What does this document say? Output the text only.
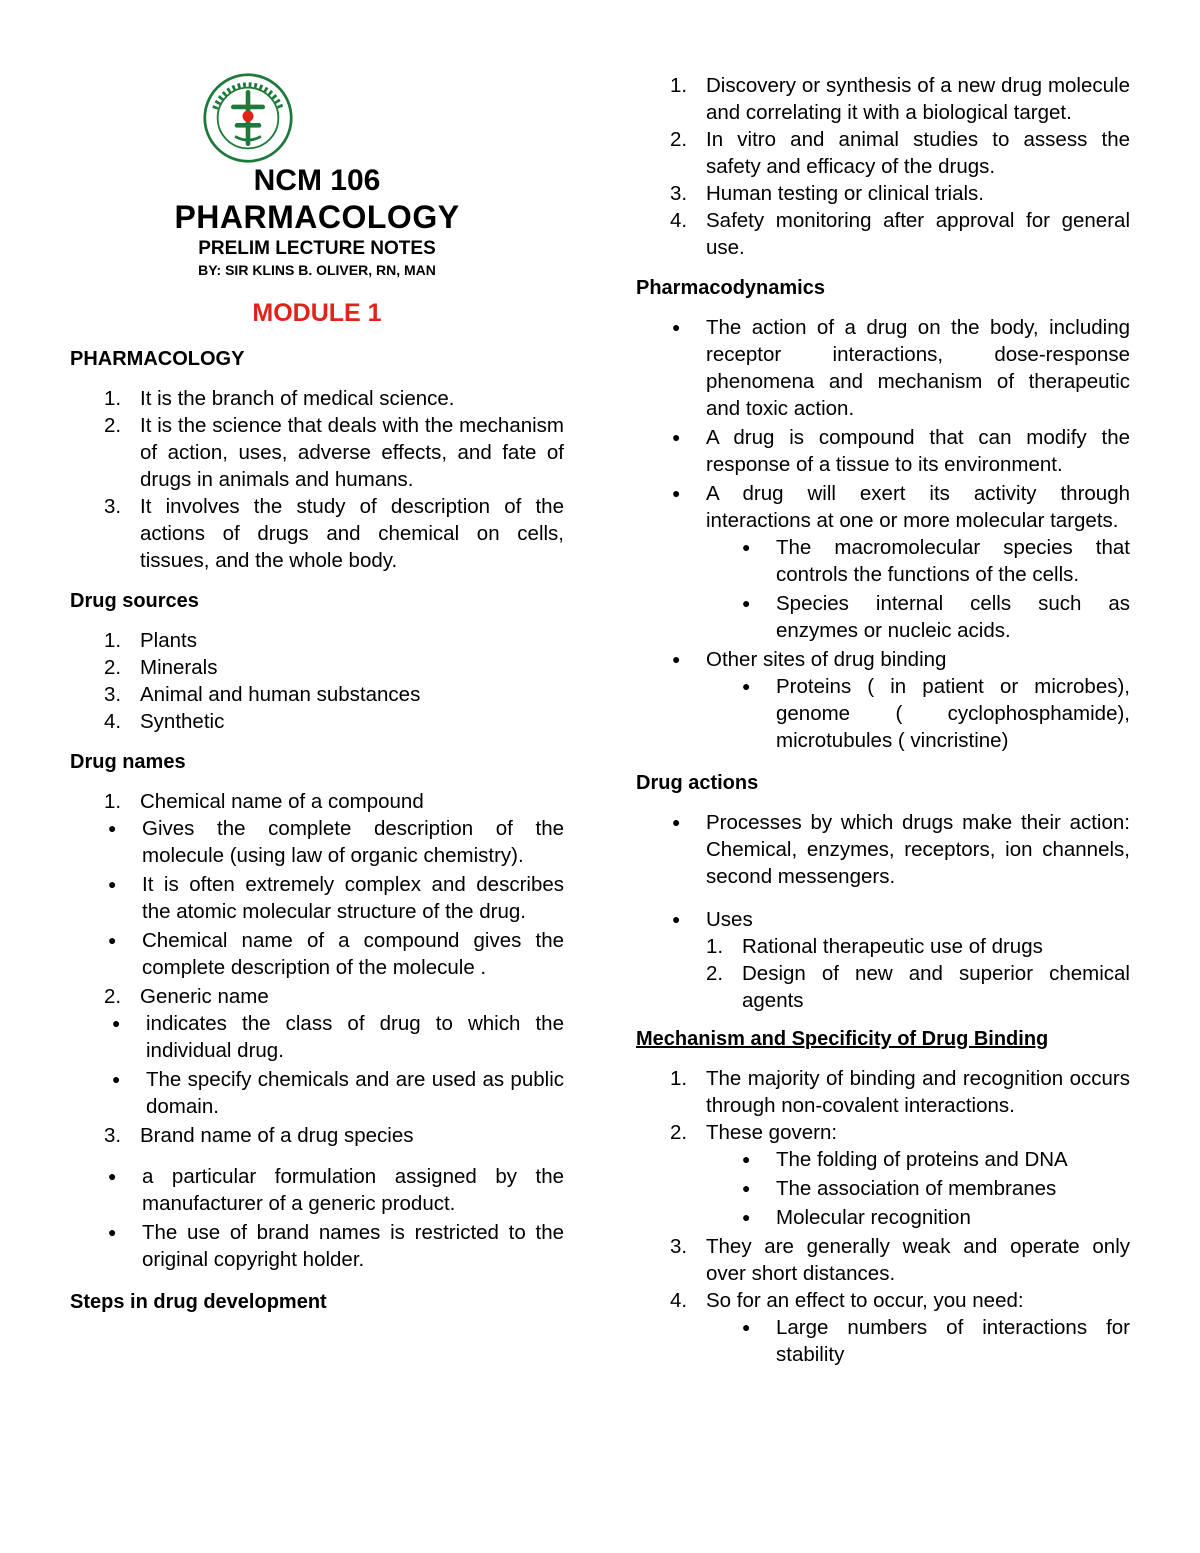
NCM 106
PHARMACOLOGY
PRELIM LECTURE NOTES
BY: SIR KLINS B. OLIVER, RN, MAN
MODULE 1
PHARMACOLOGY
1. It is the branch of medical science.
2. It is the science that deals with the mechanism of action, uses, adverse effects, and fate of drugs in animals and humans.
3. It involves the study of description of the actions of drugs and chemical on cells, tissues, and the whole body.
Drug sources
1. Plants
2. Minerals
3. Animal and human substances
4. Synthetic
Drug names
1. Chemical name of a compound
● Gives the complete description of the molecule (using law of organic chemistry).
● It is often extremely complex and describes the atomic molecular structure of the drug.
● Chemical name of a compound gives the complete description of the molecule .
2. Generic name
● indicates the class of drug to which the individual drug.
● The specify chemicals and are used as public domain.
3. Brand name of a drug species
● a particular formulation assigned by the manufacturer of a generic product.
● The use of brand names is restricted to the original copyright holder.
Steps in drug development
1. Discovery or synthesis of a new drug molecule and correlating it with a biological target.
2. In vitro and animal studies to assess the safety and efficacy of the drugs.
3. Human testing or clinical trials.
4. Safety monitoring after approval for general use.
Pharmacodynamics
● The action of a drug on the body, including receptor interactions, dose-response phenomena and mechanism of therapeutic and toxic action.
● A drug is compound that can modify the response of a tissue to its environment.
● A drug will exert its activity through interactions at one or more molecular targets.
● The macromolecular species that controls the functions of the cells.
● Species internal cells such as enzymes or nucleic acids.
● Other sites of drug binding
● Proteins ( in patient or microbes), genome ( cyclophosphamide), microtubules ( vincristine)
Drug actions
● Processes by which drugs make their action: Chemical, enzymes, receptors, ion channels, second messengers.
● Uses
1. Rational therapeutic use of drugs
2. Design of new and superior chemical agents
Mechanism and Specificity of Drug Binding
1. The majority of binding and recognition occurs through non-covalent interactions.
2. These govern:
● The folding of proteins and DNA
● The association of membranes
● Molecular recognition
3. They are generally weak and operate only over short distances.
4. So for an effect to occur, you need:
● Large numbers of interactions for stability
